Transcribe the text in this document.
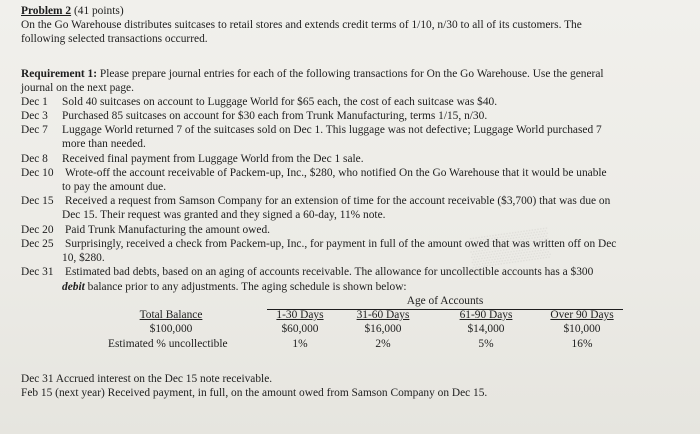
▒▒▒▒
Problem 2 (41 points)
On the Go Warehouse distributes suitcases to retail stores and extends credit terms of 1/10, n/30 to all of its customers. The
following selected transactions occurred.
Requirement 1: Please prepare journal entries for each of the following transactions for On the Go Warehouse. Use the general
journal on the next page.
Dec 1 Sold 40 suitcases on account to Luggage World for $65 each, the cost of each suitcase was $40.
Dec 3 Purchased 85 suitcases on account for $30 each from Trunk Manufacturing, terms 1/15, n/30.
Dec 7 Luggage World returned 7 of the suitcases sold on Dec 1. This luggage was not defective; Luggage World purchased 7
more than needed.
Dec 8 Received final payment from Luggage World from the Dec 1 sale.
Dec 10 Wrote-off the account receivable of Packem-up, Inc., $280, who notified On the Go Warehouse that it would be unable
to pay the amount due.
Dec 15 Received a request from Samson Company for an extension of time for the account receivable ($3,700) that was due on
Dec 15. Their request was granted and they signed a 60-day, 11% note.
Dec 20 Paid Trunk Manufacturing the amount owed.
Dec 25 Surprisingly, received a check from Packem-up, Inc., for payment in full of the amount owed that was written off on Dec
10, $280.
Dec 31 Estimated bad debts, based on an aging of accounts receivable. The allowance for uncollectible accounts has a $300
debit balance prior to any adjustments. The aging schedule is shown below:
Age of Accounts
Total Balance	1-30 Days	31-60 Days	61-90 Days	Over 90 Days
$100,000	$60,000	$16,000	$14,000	$10,000
Estimated % uncollectible	1%	2%	5%	16%
Dec 31 Accrued interest on the Dec 15 note receivable.
Feb 15 (next year) Received payment, in full, on the amount owed from Samson Company on Dec 15.
